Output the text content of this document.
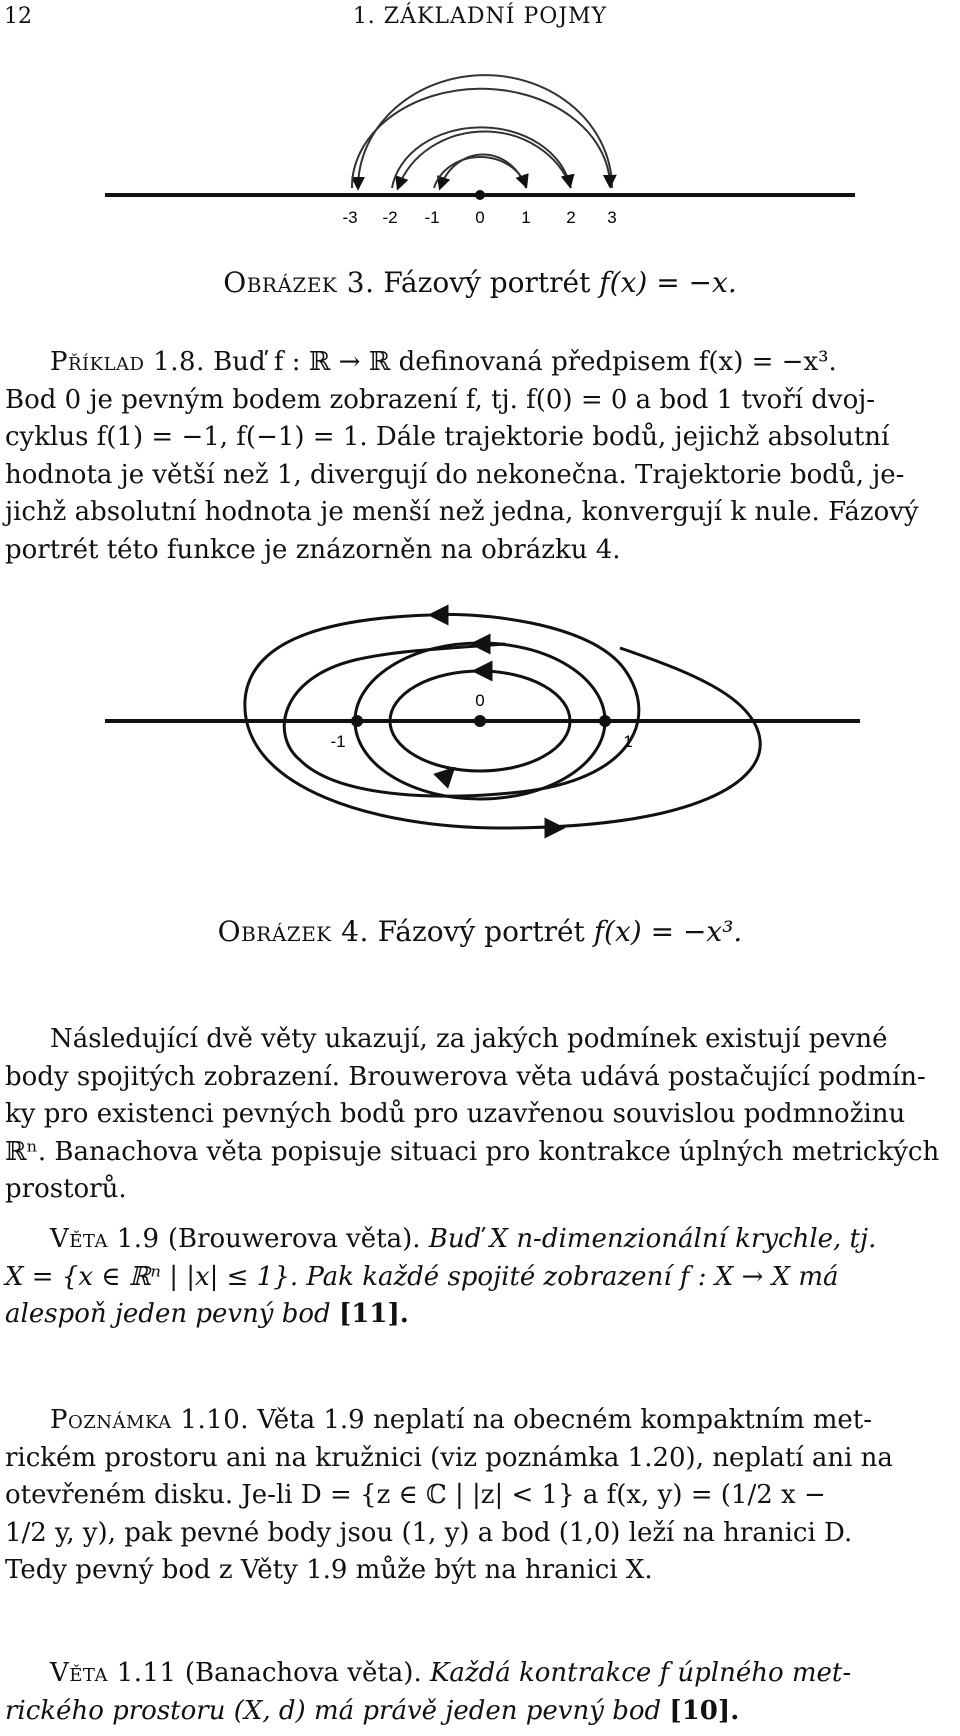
12	1. ZÁKLADNÍ POJMY
-3 -2 -1 0 1 2 3
Obrázek 3. Fázový portrét f(x) = −x.
Příklad 1.8. Buď f : ℝ → ℝ definovaná předpisem f(x) = −x³.
Bod 0 je pevným bodem zobrazení f, tj. f(0) = 0 a bod 1 tvoří dvoj-
cyklus f(1) = −1, f(−1) = 1. Dále trajektorie bodů, jejichž absolutní
hodnota je větší než 1, divergují do nekonečna. Trajektorie bodů, je-
jichž absolutní hodnota je menší než jedna, konvergují k nule. Fázový
portrét této funkce je znázorněn na obrázku 4.
0
-1	1
Obrázek 4. Fázový portrét f(x) = −x³.
Následující dvě věty ukazují, za jakých podmínek existují pevné
body spojitých zobrazení. Brouwerova věta udává postačující podmín-
ky pro existenci pevných bodů pro uzavřenou souvislou podmnožinu
ℝⁿ. Banachova věta popisuje situaci pro kontrakce úplných metrických
prostorů.
Věta 1.9 (Brouwerova věta). Buď X n-dimenzionální krychle, tj.
X = {x ∈ ℝⁿ | |x| ≤ 1}. Pak každé spojité zobrazení f : X → X má
alespoň jeden pevný bod [11].
Poznámka 1.10. Věta 1.9 neplatí na obecném kompaktním met-
rickém prostoru ani na kružnici (viz poznámka 1.20), neplatí ani na
otevřeném disku. Je-li D = {z ∈ ℂ | |z| < 1} a f(x, y) = (1/2 x −
1/2 y, y), pak pevné body jsou (1, y) a bod (1,0) leží na hranici D.
Tedy pevný bod z Věty 1.9 může být na hranici X.
Věta 1.11 (Banachova věta). Každá kontrakce f úplného met-
rického prostoru (X, d) má právě jeden pevný bod [10].
